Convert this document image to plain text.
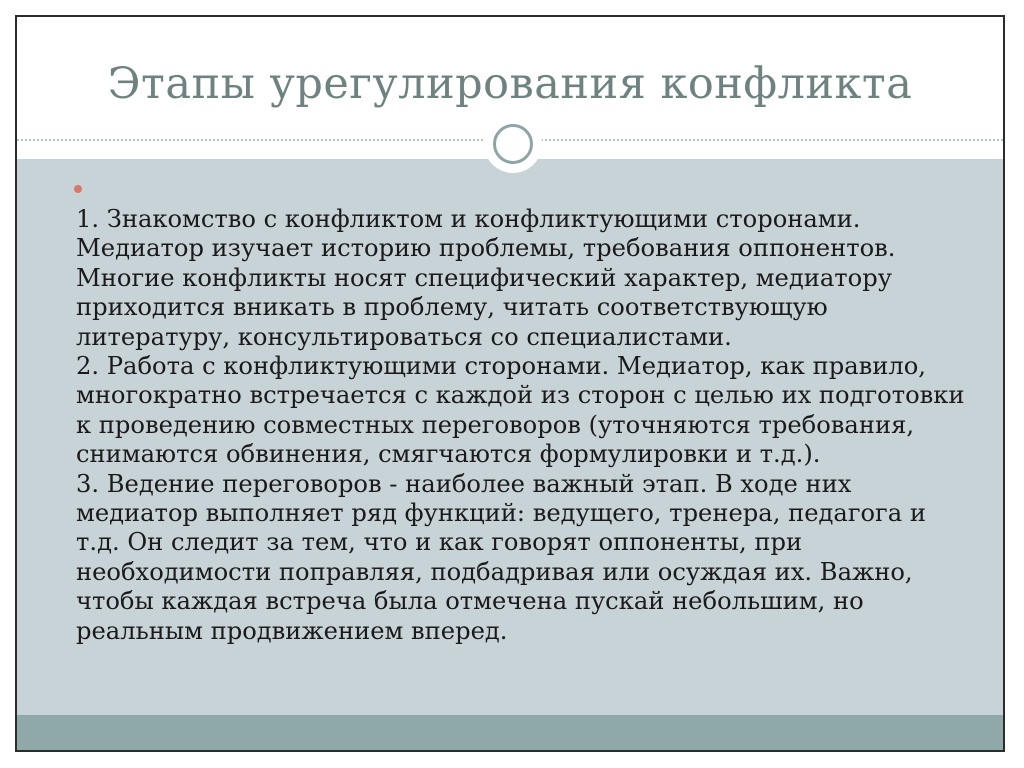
Этапы урегулирования конфликта

1. Знакомство с конфликтом и конфликтующими сторонами. Медиатор изучает историю проблемы, требования оппонентов. Многие конфликты носят специфический характер, медиатору приходится вникать в проблему, читать соответствующую литературу, консультироваться со специалистами.
2. Работа с конфликтующими сторонами. Медиатор, как правило, многократно встречается с каждой из сторон с целью их подготовки к проведению совместных переговоров (уточняются требования, снимаются обвинения, смягчаются формулировки и т.д.).
3. Ведение переговоров - наиболее важный этап. В ходе них медиатор выполняет ряд функций: ведущего, тренера, педагога и т.д. Он следит за тем, что и как говорят оппоненты, при необходимости поправляя, подбадривая или осуждая их. Важно, чтобы каждая встреча была отмечена пускай небольшим, но реальным продвижением вперед.
